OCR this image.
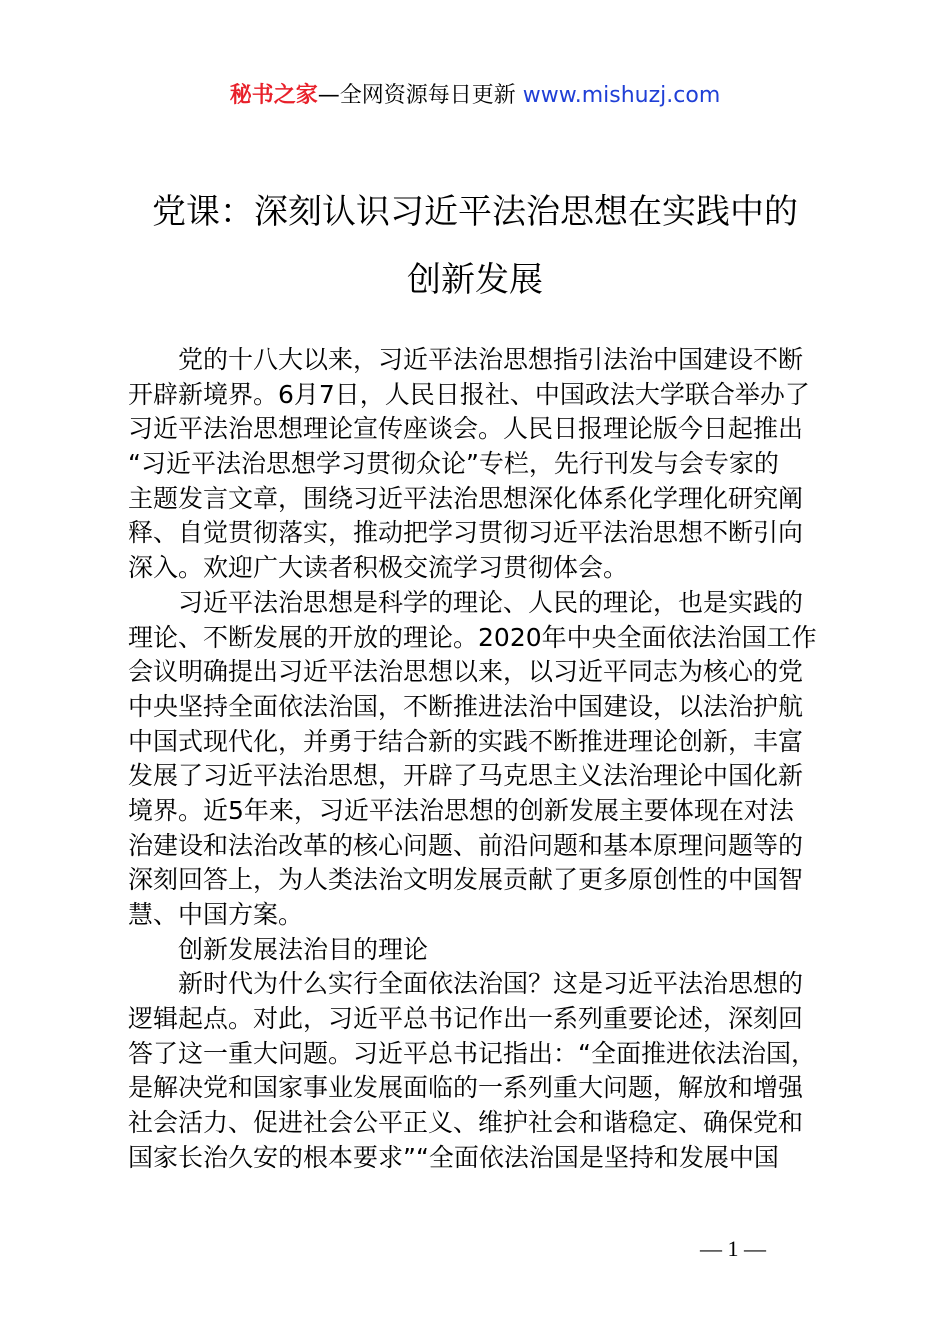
秘书之家—全网资源每日更新 www.mishuzj.com
党课：深刻认识习近平法治思想在实践中的
创新发展
党的十八大以来，习近平法治思想指引法治中国建设不断
开辟新境界。6月7日，人民日报社、中国政法大学联合举办了
习近平法治思想理论宣传座谈会。人民日报理论版今日起推出
“习近平法治思想学习贯彻众论”专栏，先行刊发与会专家的
主题发言文章，围绕习近平法治思想深化体系化学理化研究阐
释、自觉贯彻落实，推动把学习贯彻习近平法治思想不断引向
深入。欢迎广大读者积极交流学习贯彻体会。
习近平法治思想是科学的理论、人民的理论，也是实践的
理论、不断发展的开放的理论。2020年中央全面依法治国工作
会议明确提出习近平法治思想以来，以习近平同志为核心的党
中央坚持全面依法治国，不断推进法治中国建设，以法治护航
中国式现代化，并勇于结合新的实践不断推进理论创新，丰富
发展了习近平法治思想，开辟了马克思主义法治理论中国化新
境界。近5年来，习近平法治思想的创新发展主要体现在对法
治建设和法治改革的核心问题、前沿问题和基本原理问题等的
深刻回答上，为人类法治文明发展贡献了更多原创性的中国智
慧、中国方案。
创新发展法治目的理论
新时代为什么实行全面依法治国？这是习近平法治思想的
逻辑起点。对此，习近平总书记作出一系列重要论述，深刻回
答了这一重大问题。习近平总书记指出：“全面推进依法治国，
是解决党和国家事业发展面临的一系列重大问题，解放和增强
社会活力、促进社会公平正义、维护社会和谐稳定、确保党和
国家长治久安的根本要求”“全面依法治国是坚持和发展中国
— 1 —
